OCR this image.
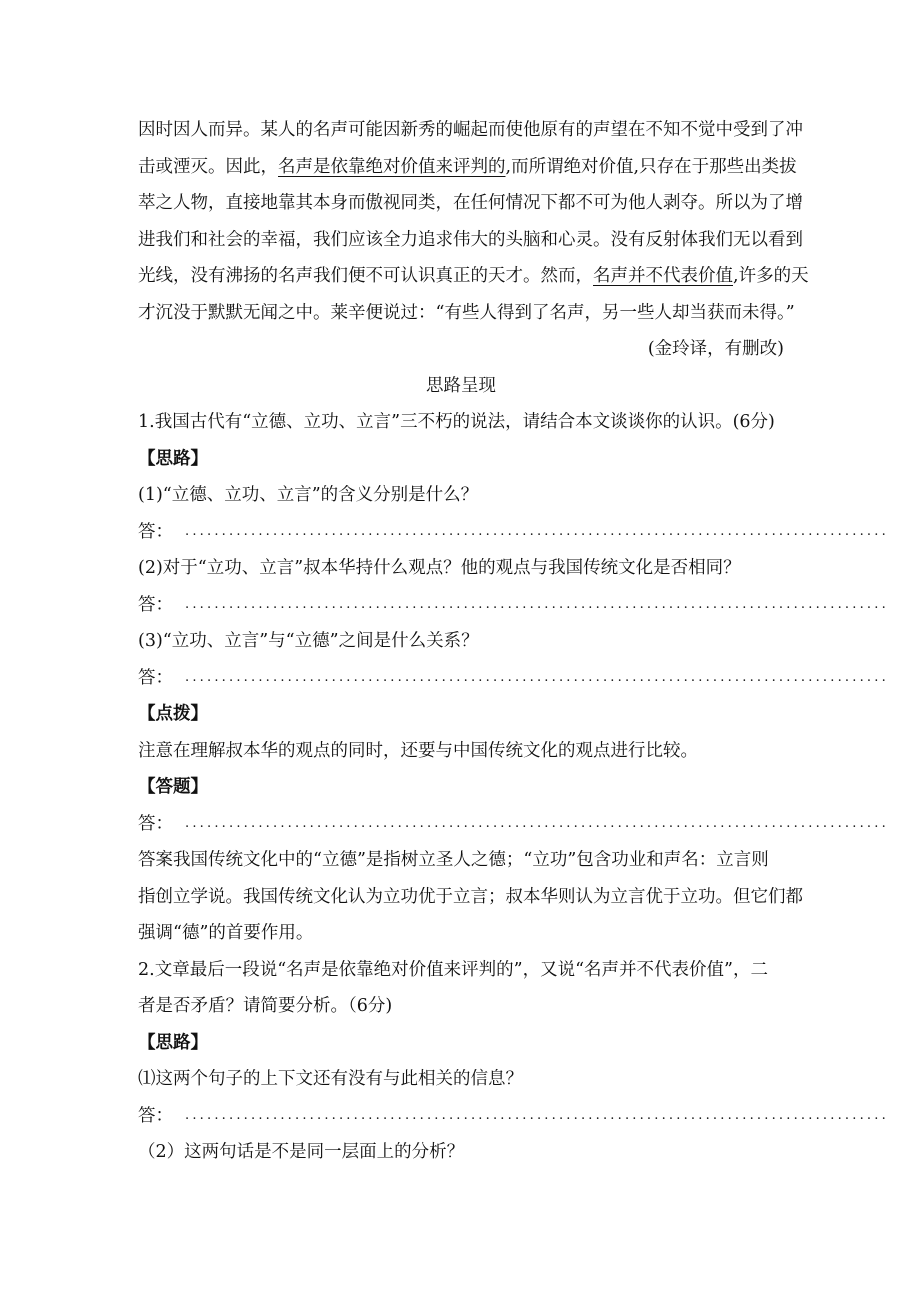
因时因人而异。某人的名声可能因新秀的崛起而使他原有的声望在不知不觉中受到了冲
击或湮灭。因此，名声是依靠绝对价值来评判的,而所谓绝对价值,只存在于那些出类拔
萃之人物，直接地靠其本身而傲视同类，在任何情况下都不可为他人剥夺。所以为了增
进我们和社会的幸福，我们应该全力追求伟大的头脑和心灵。没有反射体我们无以看到
光线，没有沸扬的名声我们便不可认识真正的天才。然而，名声并不代表价值,许多的天
才沉没于默默无闻之中。莱辛便说过：“有些人得到了名声，另一些人却当获而未得。”
(金玲译，有删改)
思路呈现
1.我国古代有“立德、立功、立言”三不朽的说法，请结合本文谈谈你的认识。(6分)
【思路】
(1)“立德、立功、立言”的含义分别是什么？
答： ................................................................................................
(2)对于“立功、立言”叔本华持什么观点？他的观点与我国传统文化是否相同？
答： ................................................................................................
(3)“立功、立言”与“立德”之间是什么关系？
答： ................................................................................................
【点拨】
注意在理解叔本华的观点的同时，还要与中国传统文化的观点进行比较。
【答题】
答： ................................................................................................
答案我国传统文化中的“立德”是指树立圣人之德；“立功”包含功业和声名：立言则
指创立学说。我国传统文化认为立功优于立言；叔本华则认为立言优于立功。但它们都
强调“德”的首要作用。
2.文章最后一段说“名声是依靠绝对价值来评判的”，又说“名声并不代表价值”，二
者是否矛盾？请简要分析。（6分)
【思路】
⑴这两个句子的上下文还有没有与此相关的信息？
答： ................................................................................................
（2）这两句话是不是同一层面上的分析？
